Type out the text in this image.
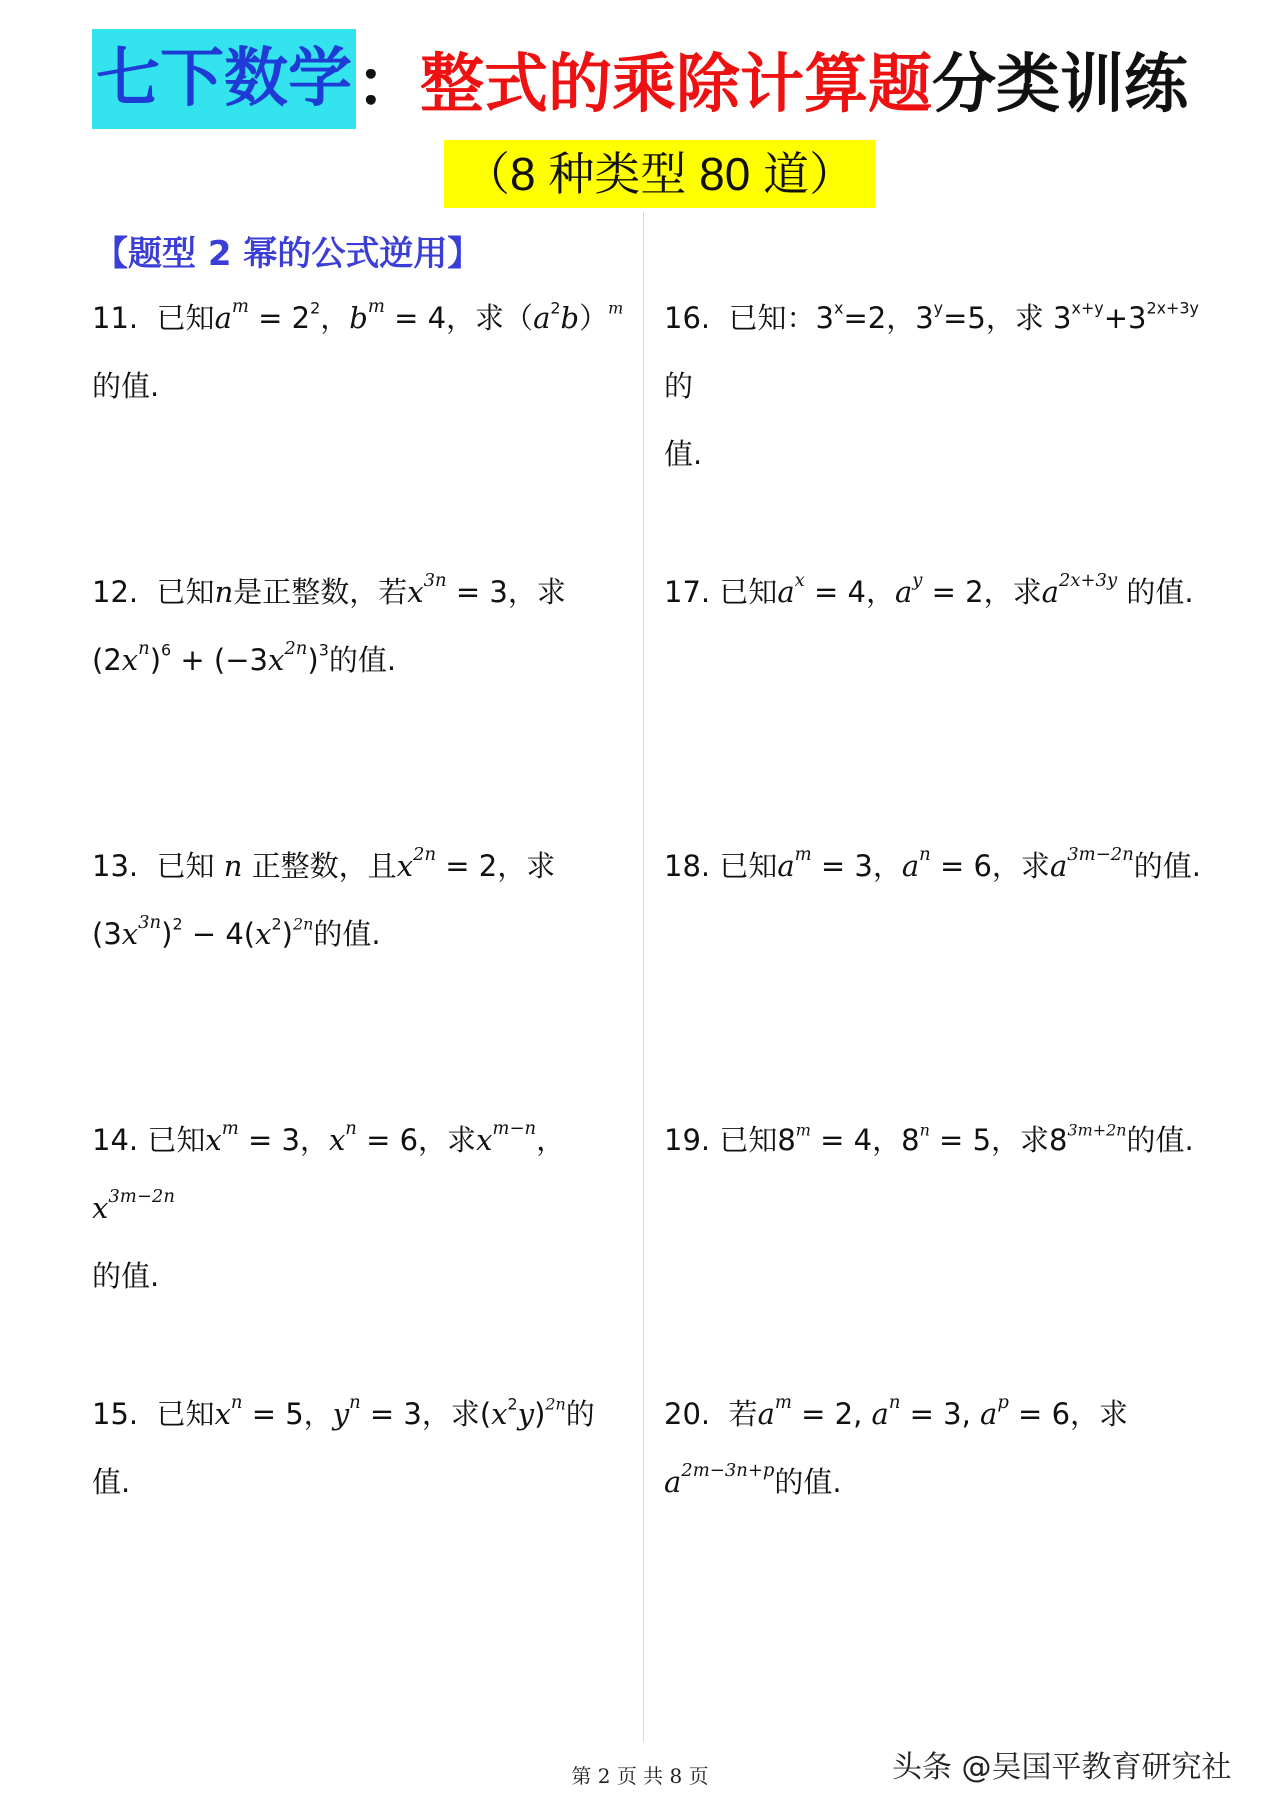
七下数学 ： 整式的乘除计算题 分类训练
（8 种类型 80 道）
【题型 2 幂的公式逆用】
11.  已知$a^m = 2^2$，$b^m = 4$，求$(a^2b)^m$
的值.
12.  已知n是正整数，若$x^{3n} = 3$，求
$(2x^n)^6 + (-3x^{2n})^3$的值.
13.  已知 n 正整数，且$x^{2n} = 2$，求
$(3x^{3n})^2 - 4(x^2)^{2n}$的值.
14. 已知$x^m = 3$，$x^n = 6$，求$x^{m-n}$，$x^{3m-2n}$
的值.
15.  已知$x^n = 5$，$y^n = 3$，求$(x^2y)^{2n}$的
值.
16.  已知：$3^x=2$，$3^y=5$，求 $3^{x+y}+3^{2x+3y}$的
值.
17. 已知$a^x = 4$，$a^y = 2$，求$a^{2x+3y}$ 的值.
18. 已知$a^m = 3$，$a^n = 6$，求$a^{3m-2n}$的值.
19. 已知$8^m = 4$，$8^n = 5$，求$8^{3m+2n}$的值.
20.  若$a^m = 2$, $a^n = 3$, $a^p = 6$，求
$a^{2m-3n+p}$的值.
第 2 页 共 8 页	头条 @吴国平教育研究社
